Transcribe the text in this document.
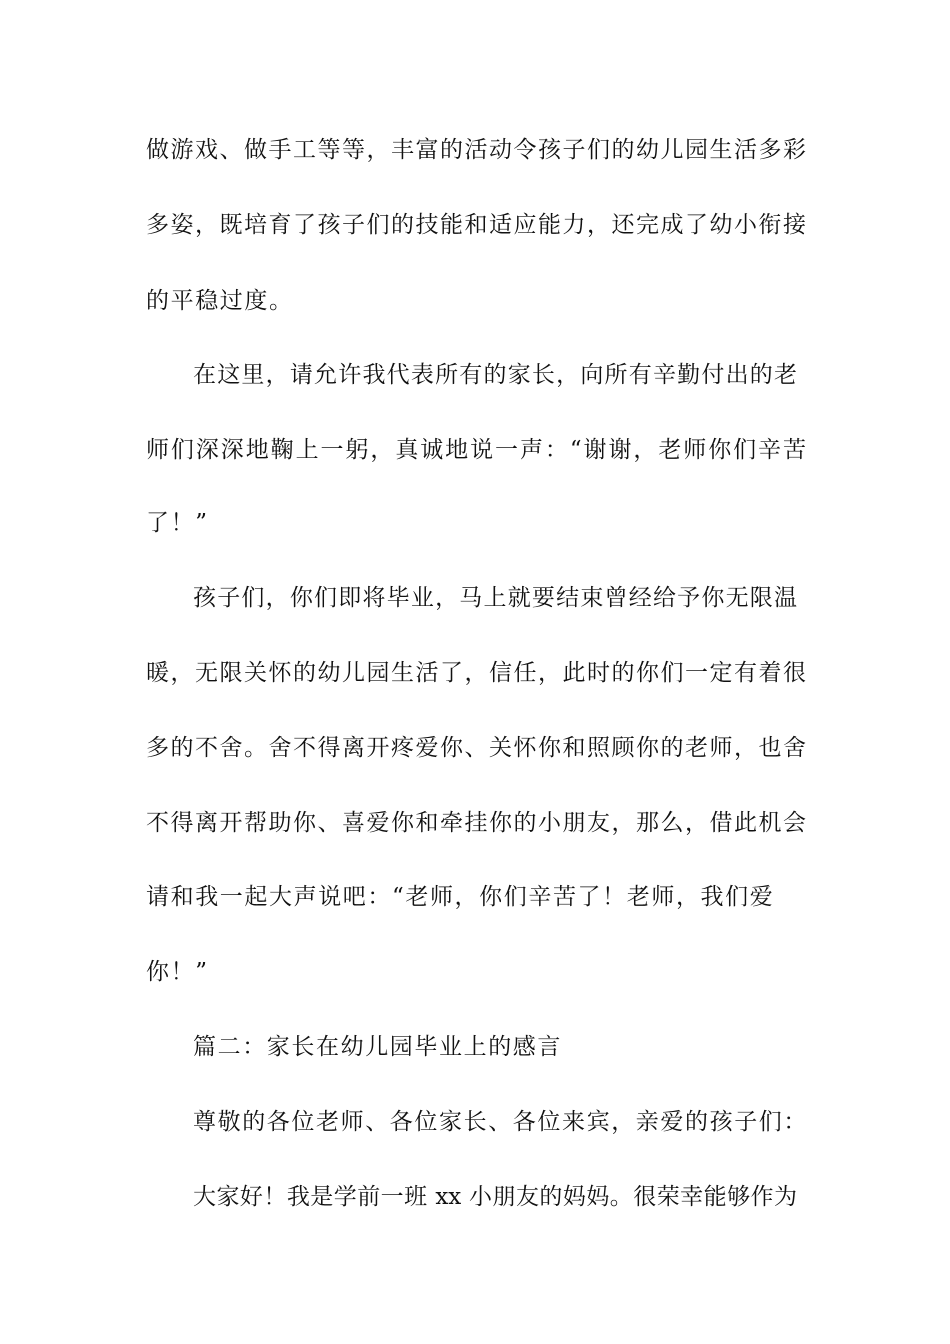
做游戏、做手工等等，丰富的活动令孩子们的幼儿园生活多彩
多姿，既培育了孩子们的技能和适应能力，还完成了幼小衔接
的平稳过度。
在这里，请允许我代表所有的家长，向所有辛勤付出的老
师们深深地鞠上一躬，真诚地说一声：“谢谢，老师你们辛苦
了！”
孩子们，你们即将毕业，马上就要结束曾经给予你无限温
暖，无限关怀的幼儿园生活了，信任，此时的你们一定有着很
多的不舍。舍不得离开疼爱你、关怀你和照顾你的老师，也舍
不得离开帮助你、喜爱你和牵挂你的小朋友，那么，借此机会
请和我一起大声说吧：“老师，你们辛苦了！老师，我们爱
你！”
篇二：家长在幼儿园毕业上的感言
尊敬的各位老师、各位家长、各位来宾，亲爱的孩子们：
大家好！我是学前一班 xx 小朋友的妈妈。很荣幸能够作为
